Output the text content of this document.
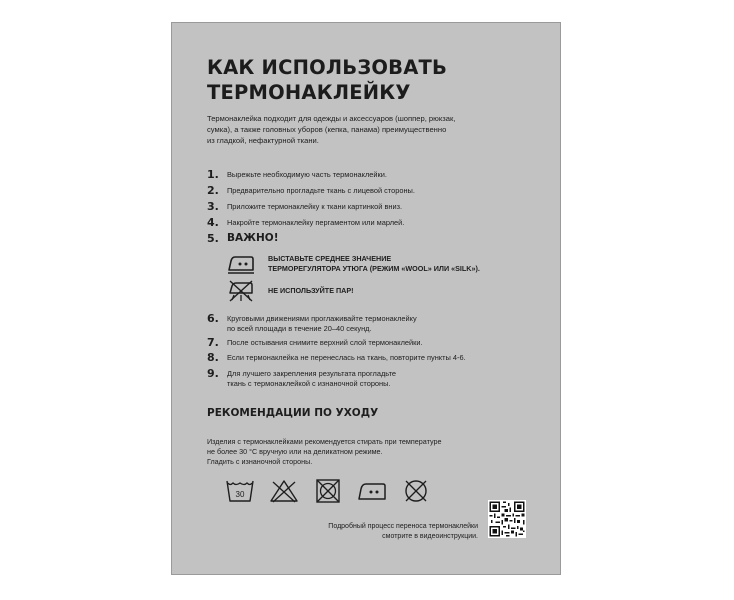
КАК ИСПОЛЬЗОВАТЬ
ТЕРМОНАКЛЕЙКУ

Термонаклейка подходит для одежды и аксессуаров (шоппер, рюкзак,
сумка), а также головных уборов (кепка, панама) преимущественно
из гладкой, нефактурной ткани.

1.	Вырежьте необходимую часть термонаклейки.
2.	Предварительно прогладьте ткань с лицевой стороны.
3.	Приложите термонаклейку к ткани картинкой вниз.
4.	Накройте термонаклейку пергаментом или марлей.
5. ВАЖНО!
ВЫСТАВЬТЕ СРЕДНЕЕ ЗНАЧЕНИЕ
ТЕРМОРЕГУЛЯТОРА УТЮГА (РЕЖИМ «WOOL» ИЛИ «SILK»).
НЕ ИСПОЛЬЗУЙТЕ ПАР!
6.	Круговыми движениями проглаживайте термонаклейку
по всей площади в течение 20–40 секунд.
7.	После остывания снимите верхний слой термонаклейки.
8.	Если термонаклейка не перенеслась на ткань, повторите пункты 4-6.
9.	Для лучшего закрепления результата прогладьте
ткань с термонаклейкой с изнаночной стороны.
РЕКОМЕНДАЦИИ ПО УХОДУ

Изделия с термонаклейками рекомендуется стирать при температуре
не более 30 °С вручную или на деликатном режиме.
Гладить с изнаночной стороны.

30

Подробный процесс переноса термонаклейки
смотрите в видеоинструкции.
